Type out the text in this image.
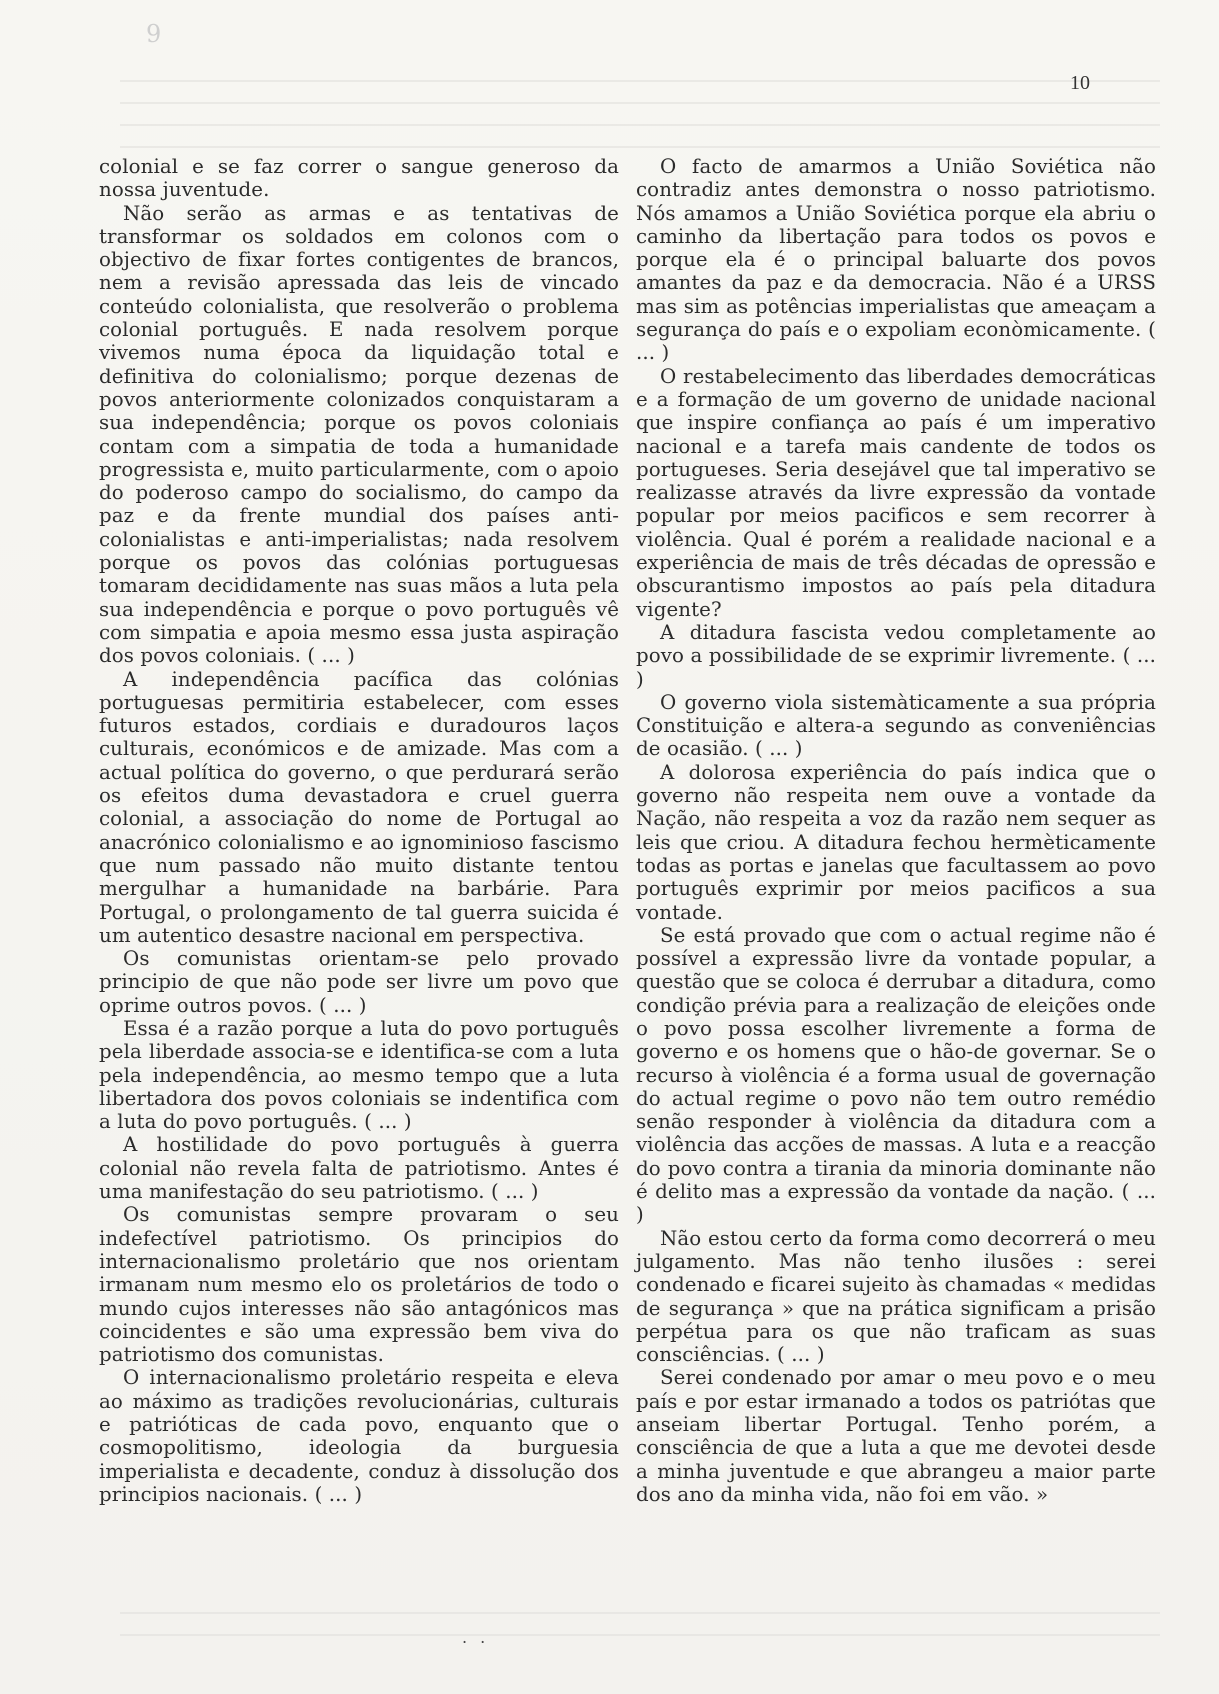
9
10

colonial e se faz correr o sangue generoso da nossa juventude.

Não serão as armas e as tentativas de transformar os soldados em colonos com o objectivo de fixar fortes contigentes de brancos, nem a revisão apressada das leis de vincado conteúdo colonialista, que resolverão o problema colonial português. E nada resolvem porque vivemos numa época da liquidação total e definitiva do colonialismo; porque dezenas de povos anteriormente colonizados conquistaram a sua independência; porque os povos coloniais contam com a simpatia de toda a humanidade progressista e, muito particularmente, com o apoio do poderoso campo do socialismo, do campo da paz e da frente mundial dos países anti-colonialistas e anti-imperialistas; nada resolvem porque os povos das colónias portuguesas tomaram decididamente nas suas mãos a luta pela sua independência e porque o povo português vê com simpatia e apoia mesmo essa justa aspiração dos povos coloniais. ( ... )

A independência pacífica das colónias portuguesas permitiria estabelecer, com esses futuros estados, cordiais e duradouros laços culturais, económicos e de amizade. Mas com a actual política do governo, o que perdurará serão os efeitos duma devastadora e cruel guerra colonial, a associação do nome de Portugal ao anacrónico colonialismo e ao ignominioso fascismo que num passado não muito distante tentou mergulhar a humanidade na barbárie. Para Portugal, o prolongamento de tal guerra suicida é um autentico desastre nacional em perspectiva.

Os comunistas orientam-se pelo provado principio de que não pode ser livre um povo que oprime outros povos. ( ... )

Essa é a razão porque a luta do povo português pela liberdade associa-se e identifica-se com a luta pela independência, ao mesmo tempo que a luta libertadora dos povos coloniais se indentifica com a luta do povo português. ( ... )

A hostilidade do povo português à guerra colonial não revela falta de patriotismo. Antes é uma manifestação do seu patriotismo. ( ... )

Os comunistas sempre provaram o seu indefectível patriotismo. Os principios do internacionalismo proletário que nos orientam irmanam num mesmo elo os proletários de todo o mundo cujos interesses não são antagónicos mas coincidentes e são uma expressão bem viva do patriotismo dos comunistas.

O internacionalismo proletário respeita e eleva ao máximo as tradições revolucionárias, culturais e patrióticas de cada povo, enquanto que o cosmopolitismo, ideologia da burguesia imperialista e decadente, conduz à dissolução dos principios nacionais. ( ... )

O facto de amarmos a União Soviética não contradiz antes demonstra o nosso patriotismo. Nós amamos a União Soviética porque ela abriu o caminho da libertação para todos os povos e porque ela é o principal baluarte dos povos amantes da paz e da democracia. Não é a URSS mas sim as potências imperialistas que ameaçam a segurança do país e o expoliam econòmicamente. ( ... )

O restabelecimento das liberdades democráticas e a formação de um governo de unidade nacional que inspire confiança ao país é um imperativo nacional e a tarefa mais candente de todos os portugueses. Seria desejável que tal imperativo se realizasse através da livre expressão da vontade popular por meios pacificos e sem recorrer à violência. Qual é porém a realidade nacional e a experiência de mais de três décadas de opressão e obscurantismo impostos ao país pela ditadura vigente?

A ditadura fascista vedou completamente ao povo a possibilidade de se exprimir livremente. ( ... )

O governo viola sistemàticamente a sua própria Constituição e altera-a segundo as conveniências de ocasião. ( ... )

A dolorosa experiência do país indica que o governo não respeita nem ouve a vontade da Nação, não respeita a voz da razão nem sequer as leis que criou. A ditadura fechou hermèticamente todas as portas e janelas que facultassem ao povo português exprimir por meios pacificos a sua vontade.

Se está provado que com o actual regime não é possível a expressão livre da vontade popular, a questão que se coloca é derrubar a ditadura, como condição prévia para a realização de eleições onde o povo possa escolher livremente a forma de governo e os homens que o hão-de governar. Se o recurso à violência é a forma usual de governação do actual regime o povo não tem outro remédio senão responder à violência da ditadura com a violência das acções de massas. A luta e a reacção do povo contra a tirania da minoria dominante não é delito mas a expressão da vontade da nação. ( ... )

Não estou certo da forma como decorrerá o meu julgamento. Mas não tenho ilusões : serei condenado e ficarei sujeito às chamadas « medidas de segurança » que na prática significam a prisão perpétua para os que não traficam as suas consciências. ( ... )

Serei condenado por amar o meu povo e o meu país e por estar irmanado a todos os patriótas que anseiam libertar Portugal. Tenho porém, a consciência de que a luta a que me devotei desde a minha juventude e que abrangeu a maior parte dos ano da minha vida, não foi em vão. »

. .
